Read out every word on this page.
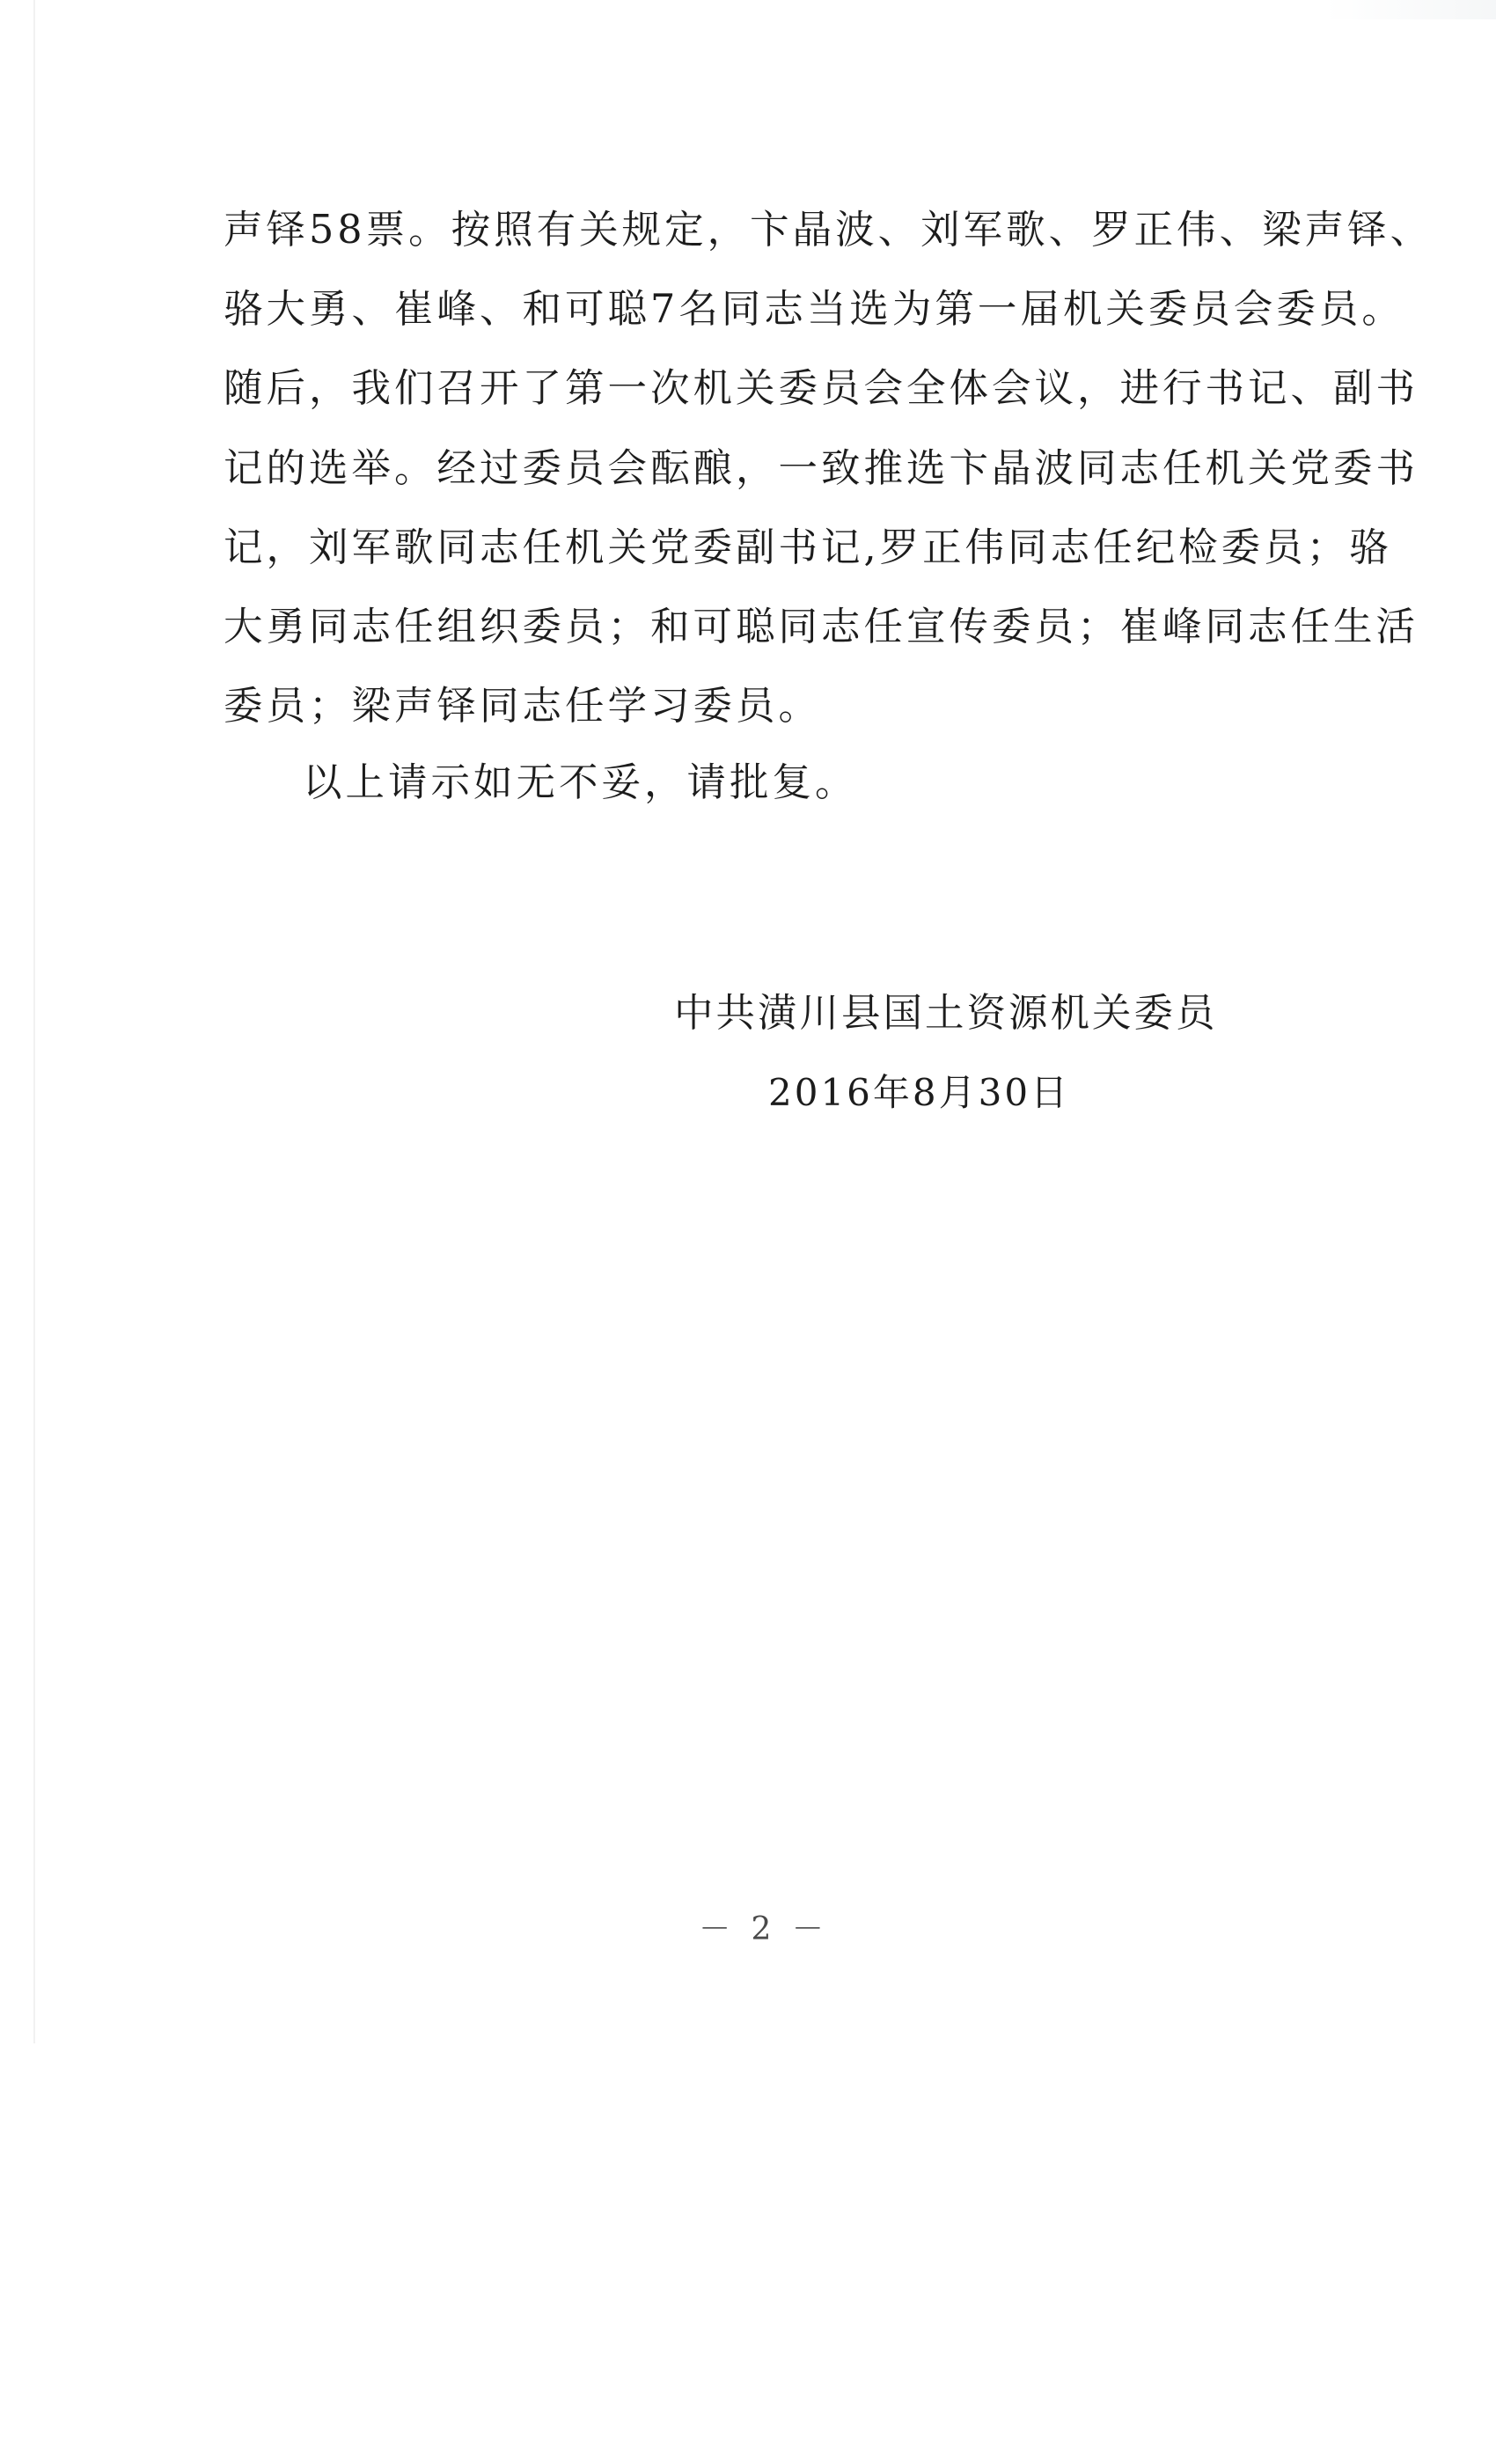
声铎58票。按照有关规定，卞晶波、刘军歌、罗正伟、梁声铎、
骆大勇、崔峰、和可聪7名同志当选为第一届机关委员会委员。
随后，我们召开了第一次机关委员会全体会议，进行书记、副书
记的选举。经过委员会酝酿，一致推选卞晶波同志任机关党委书
记，刘军歌同志任机关党委副书记,罗正伟同志任纪检委员；骆
大勇同志任组织委员；和可聪同志任宣传委员；崔峰同志任生活
委员；梁声铎同志任学习委员。
以上请示如无不妥，请批复。
中共潢川县国土资源机关委员
2016年8月30日
－ 2 －
